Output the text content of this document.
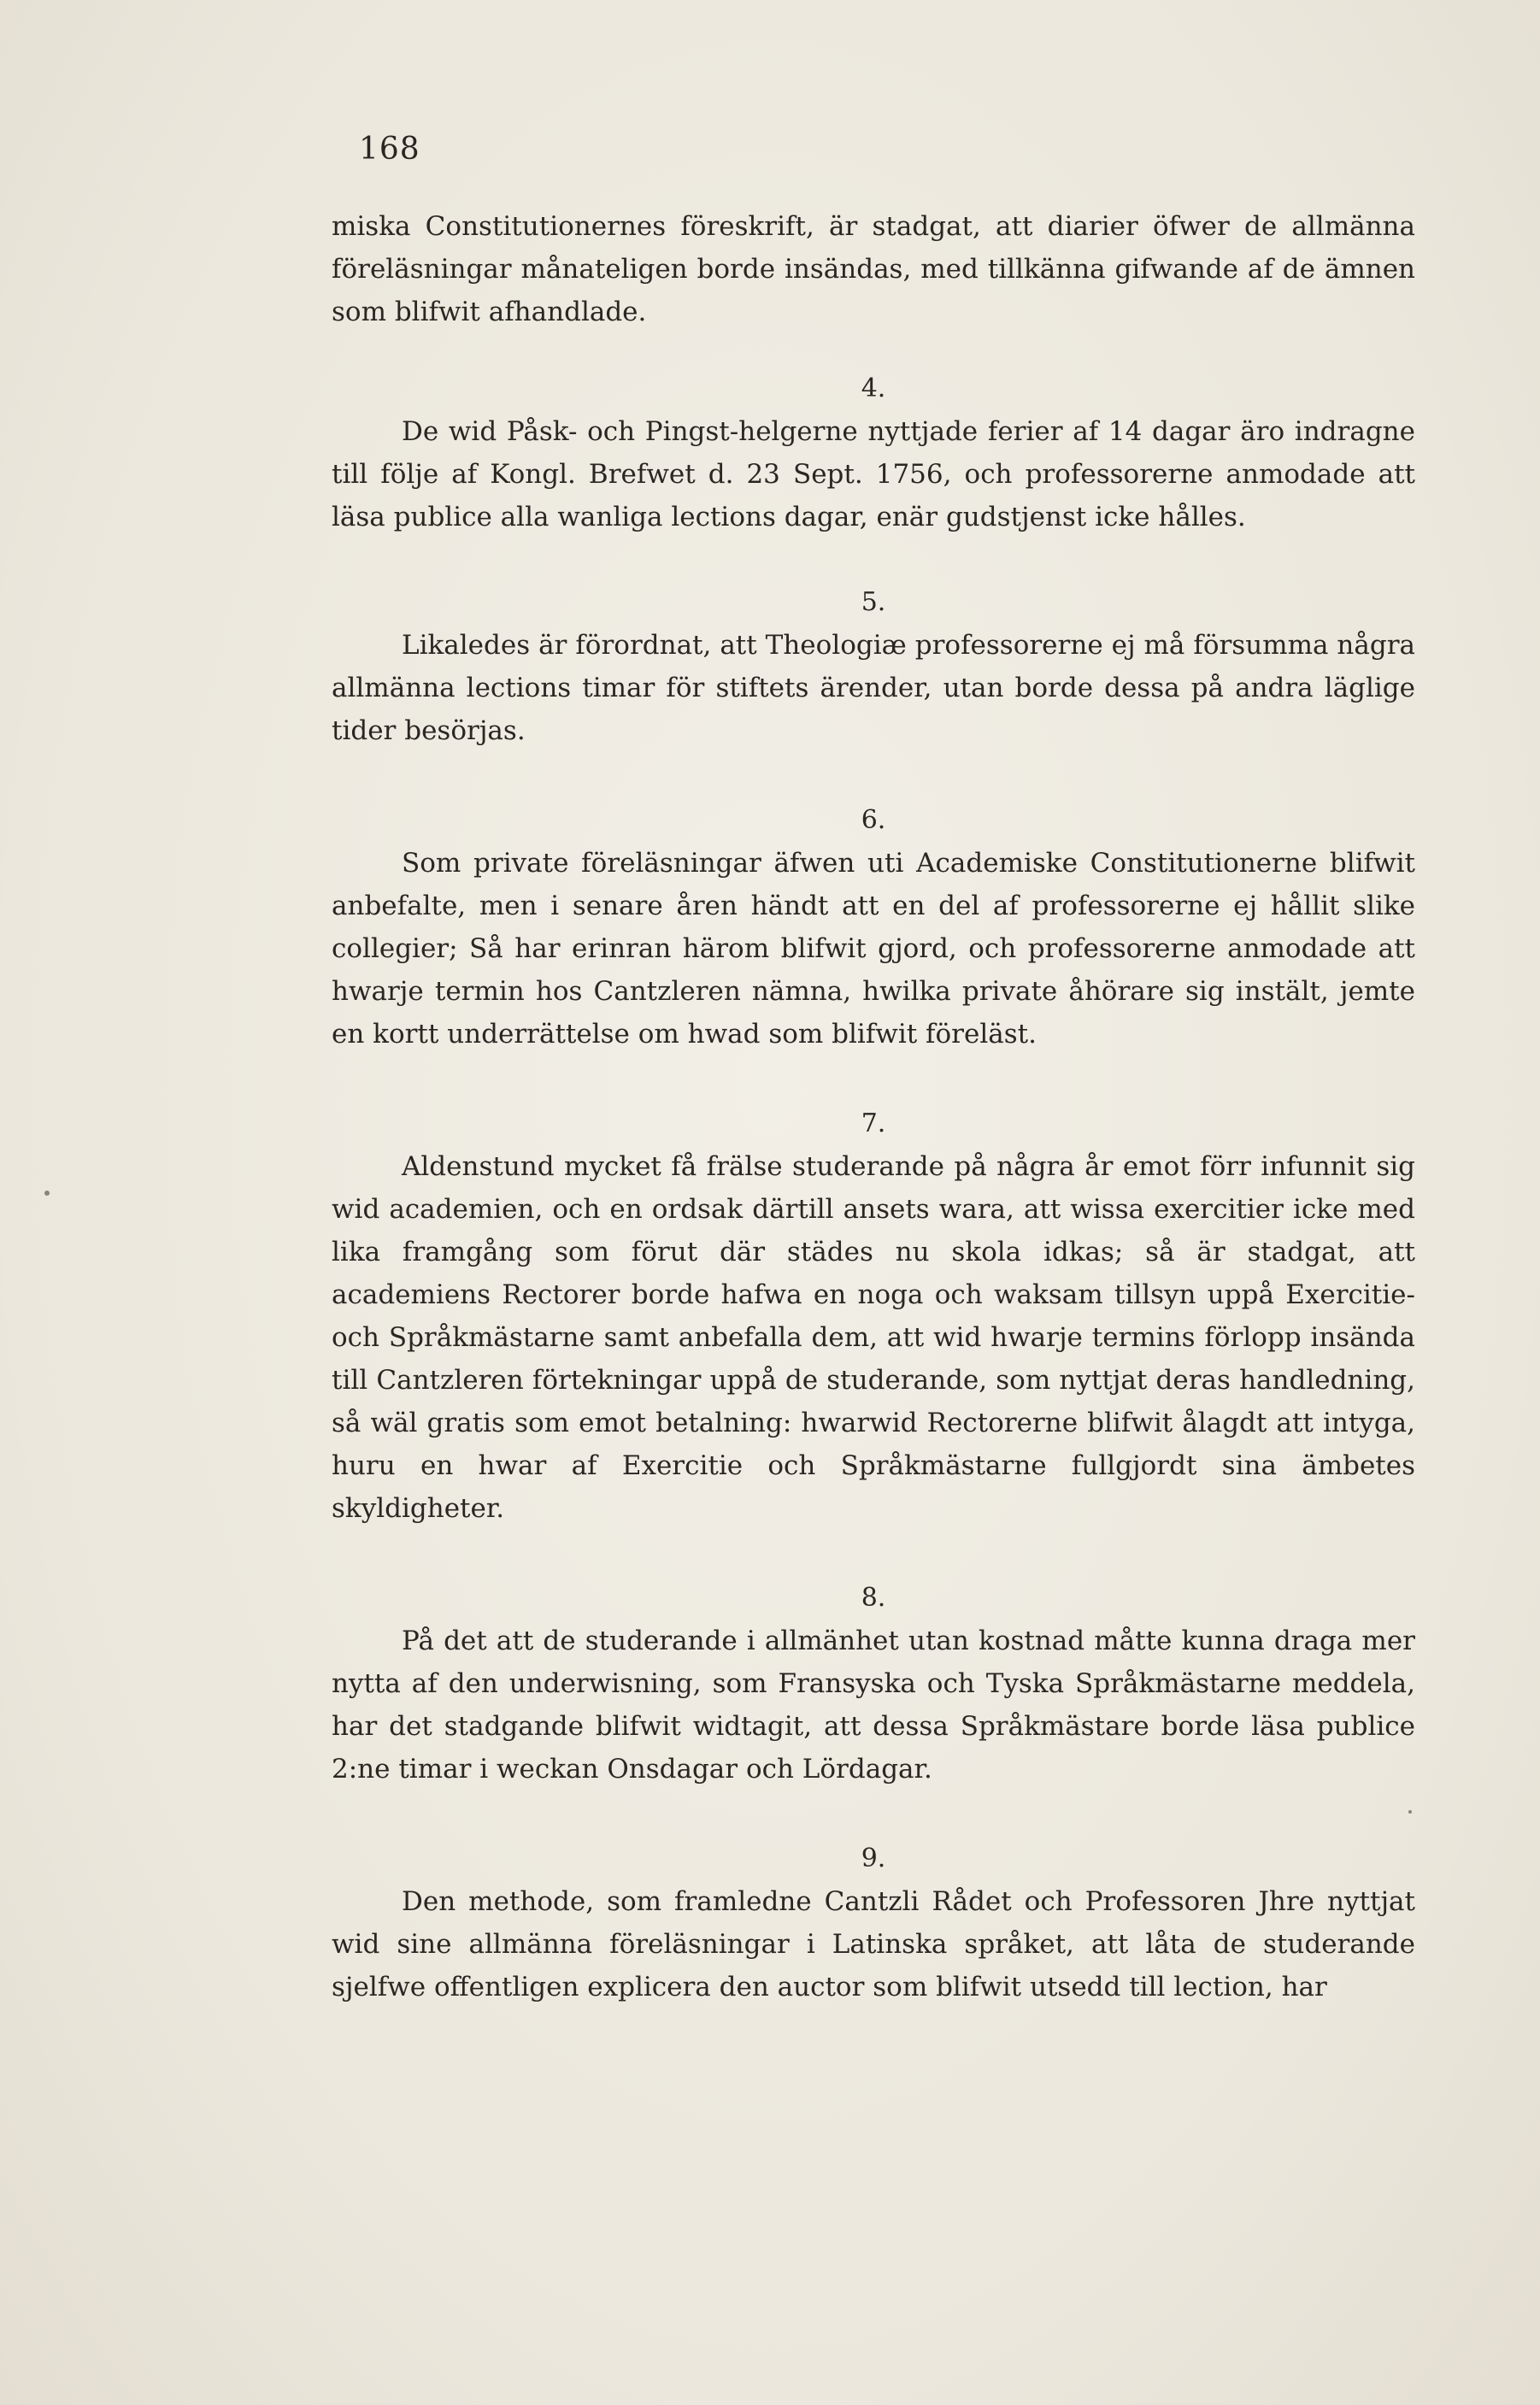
168

miska Constitutionernes föreskrift, är stadgat, att diarier öfwer de allmänna föreläsningar månateligen borde insändas, med tillkänna gifwande af de ämnen som blifwit afhandlade.

4.

De wid Påsk- och Pingst-helgerne nyttjade ferier af 14 dagar äro indragne till följe af Kongl. Brefwet d. 23 Sept. 1756, och professorerne anmodade att läsa publice alla wanliga lections dagar, enär gudstjenst icke hålles.

5.

Likaledes är förordnat, att Theologiæ professorerne ej må försumma några allmänna lections timar för stiftets ärender, utan borde dessa på andra läglige tider besörjas.

6.

Som private föreläsningar äfwen uti Academiske Constitutionerne blifwit anbefalte, men i senare åren händt att en del af professorerne ej hållit slike collegier; Så har erinran härom blifwit gjord, och professorerne anmodade att hwarje termin hos Cantzleren nämna, hwilka private åhörare sig instält, jemte en kortt underrättelse om hwad som blifwit föreläst.

7.

Aldenstund mycket få frälse studerande på några år emot förr infunnit sig wid academien, och en ordsak därtill ansets wara, att wissa exercitier icke med lika framgång som förut där städes nu skola idkas; så är stadgat, att academiens Rectorer borde hafwa en noga och waksam tillsyn uppå Exercitie- och Språkmästarne samt anbefalla dem, att wid hwarje termins förlopp insända till Cantzleren förtekningar uppå de studerande, som nyttjat deras handledning, så wäl gratis som emot betalning: hwarwid Rectorerne blifwit ålagdt att intyga, huru en hwar af Exercitie och Språkmästarne fullgjordt sina ämbetes skyldigheter.

8.

På det att de studerande i allmänhet utan kostnad måtte kunna draga mer nytta af den underwisning, som Fransyska och Tyska Språkmästarne meddela, har det stadgande blifwit widtagit, att dessa Språkmästare borde läsa publice 2:ne timar i weckan Onsdagar och Lördagar.

9.

Den methode, som framledne Cantzli Rådet och Professoren Jhre nyttjat wid sine allmänna föreläsningar i Latinska språket, att låta de studerande sjelfwe offentligen explicera den auctor som blifwit utsedd till lection, har
